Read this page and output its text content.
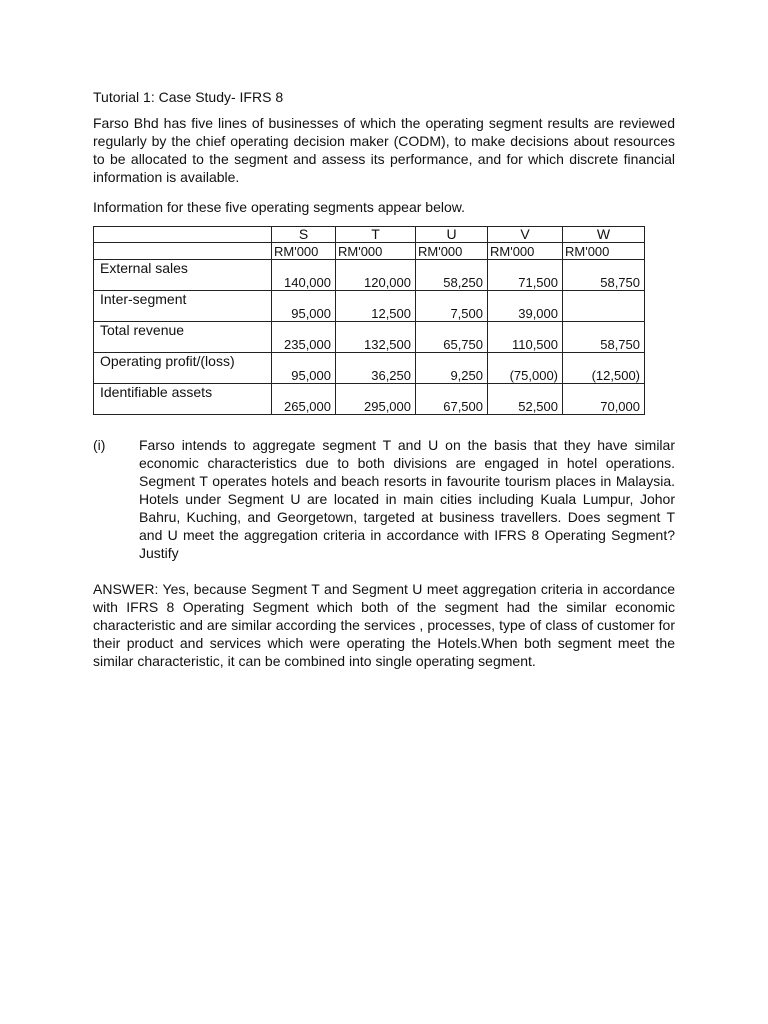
Tutorial 1: Case Study- IFRS 8
Farso Bhd has five lines of businesses of which the operating segment results are reviewed regularly by the chief operating decision maker (CODM), to make decisions about resources to be allocated to the segment and assess its performance, and for which discrete financial information is available.
Information for these five operating segments appear below.
	S	T	U	V	W
	RM'000	RM'000	RM'000	RM'000	RM'000
External sales	140,000	120,000	58,250	71,500	58,750
Inter-segment	95,000	12,500	7,500	39,000	
Total revenue	235,000	132,500	65,750	110,500	58,750
Operating profit/(loss)	95,000	36,250	9,250	(75,000)	(12,500)
Identifiable assets	265,000	295,000	67,500	52,500	70,000
(i)	Farso intends to aggregate segment T and U on the basis that they have similar economic characteristics due to both divisions are engaged in hotel operations. Segment T operates hotels and beach resorts in favourite tourism places in Malaysia. Hotels under Segment U are located in main cities including Kuala Lumpur, Johor Bahru, Kuching, and Georgetown, targeted at business travellers. Does segment T and U meet the aggregation criteria in accordance with IFRS 8 Operating Segment? Justify
ANSWER: Yes, because Segment T and Segment U meet aggregation criteria in accordance with IFRS 8 Operating Segment which both of the segment had the similar economic characteristic and are similar according the services , processes, type of class of customer for their product and services which were operating the Hotels.When both segment meet the similar characteristic, it can be combined into single operating segment.
